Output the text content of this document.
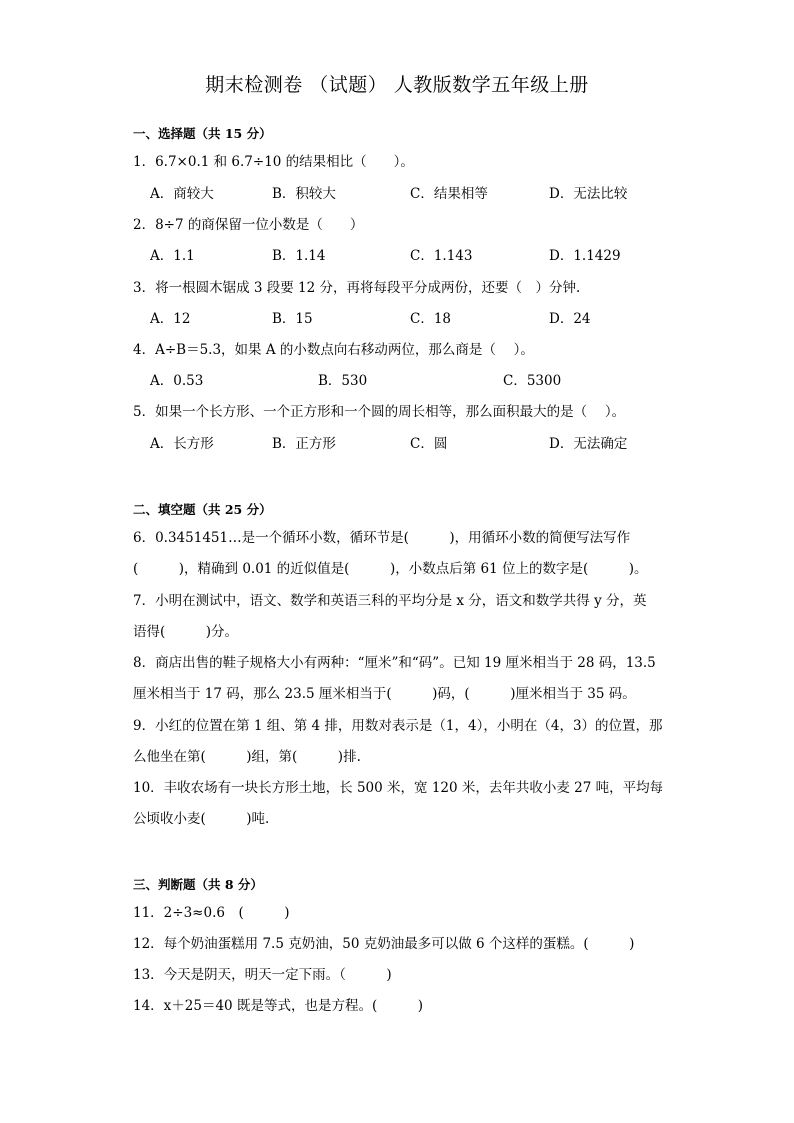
期末检测卷 （试题） 人教版数学五年级上册
一、选择题（共 15 分）
1．6.7×0.1 和 6.7÷10 的结果相比（　　）。
A．商较大	B．积较大	C．结果相等	D．无法比较
2．8÷7 的商保留一位小数是（　　）
A．1.1	B．1.14	C．1.143	D．1.1429
3．将一根圆木锯成 3 段要 12 分，再将每段平分成两份，还要（　）分钟.
A．12	B．15	C．18	D．24
4．A÷B＝5.3，如果 A 的小数点向右移动两位，那么商是（　 ）。
A．0.53	B．530	C．5300
5．如果一个长方形、一个正方形和一个圆的周长相等，那么面积最大的是（　 ）。
A．长方形	B．正方形	C．圆	D．无法确定
二、填空题（共 25 分）
6．0.3451451…是一个循环小数，循环节是(　　　)，用循环小数的简便写法写作
(　　　)，精确到 0.01 的近似值是(　　　)，小数点后第 61 位上的数字是(　　　)。
7．小明在测试中，语文、数学和英语三科的平均分是 x 分，语文和数学共得 y 分，英
语得(　　　)分。
8．商店出售的鞋子规格大小有两种：“厘米”和“码”。已知 19 厘米相当于 28 码，13.5
厘米相当于 17 码，那么 23.5 厘米相当于(　　　)码，(　　　)厘米相当于 35 码。
9．小红的位置在第 1 组、第 4 排，用数对表示是（1，4），小明在（4，3）的位置，那
么他坐在第(　　　)组，第(　　　)排.
10．丰收农场有一块长方形土地，长 500 米，宽 120 米，去年共收小麦 27 吨，平均每
公顷收小麦(　　　)吨.
三、判断题（共 8 分）
11．2÷3≈0.6　(　　　)
12．每个奶油蛋糕用 7.5 克奶油，50 克奶油最多可以做 6 个这样的蛋糕。(　　　)
13．今天是阴天，明天一定下雨。（　　　)
14．x＋25＝40 既是等式，也是方程。(　　　)
